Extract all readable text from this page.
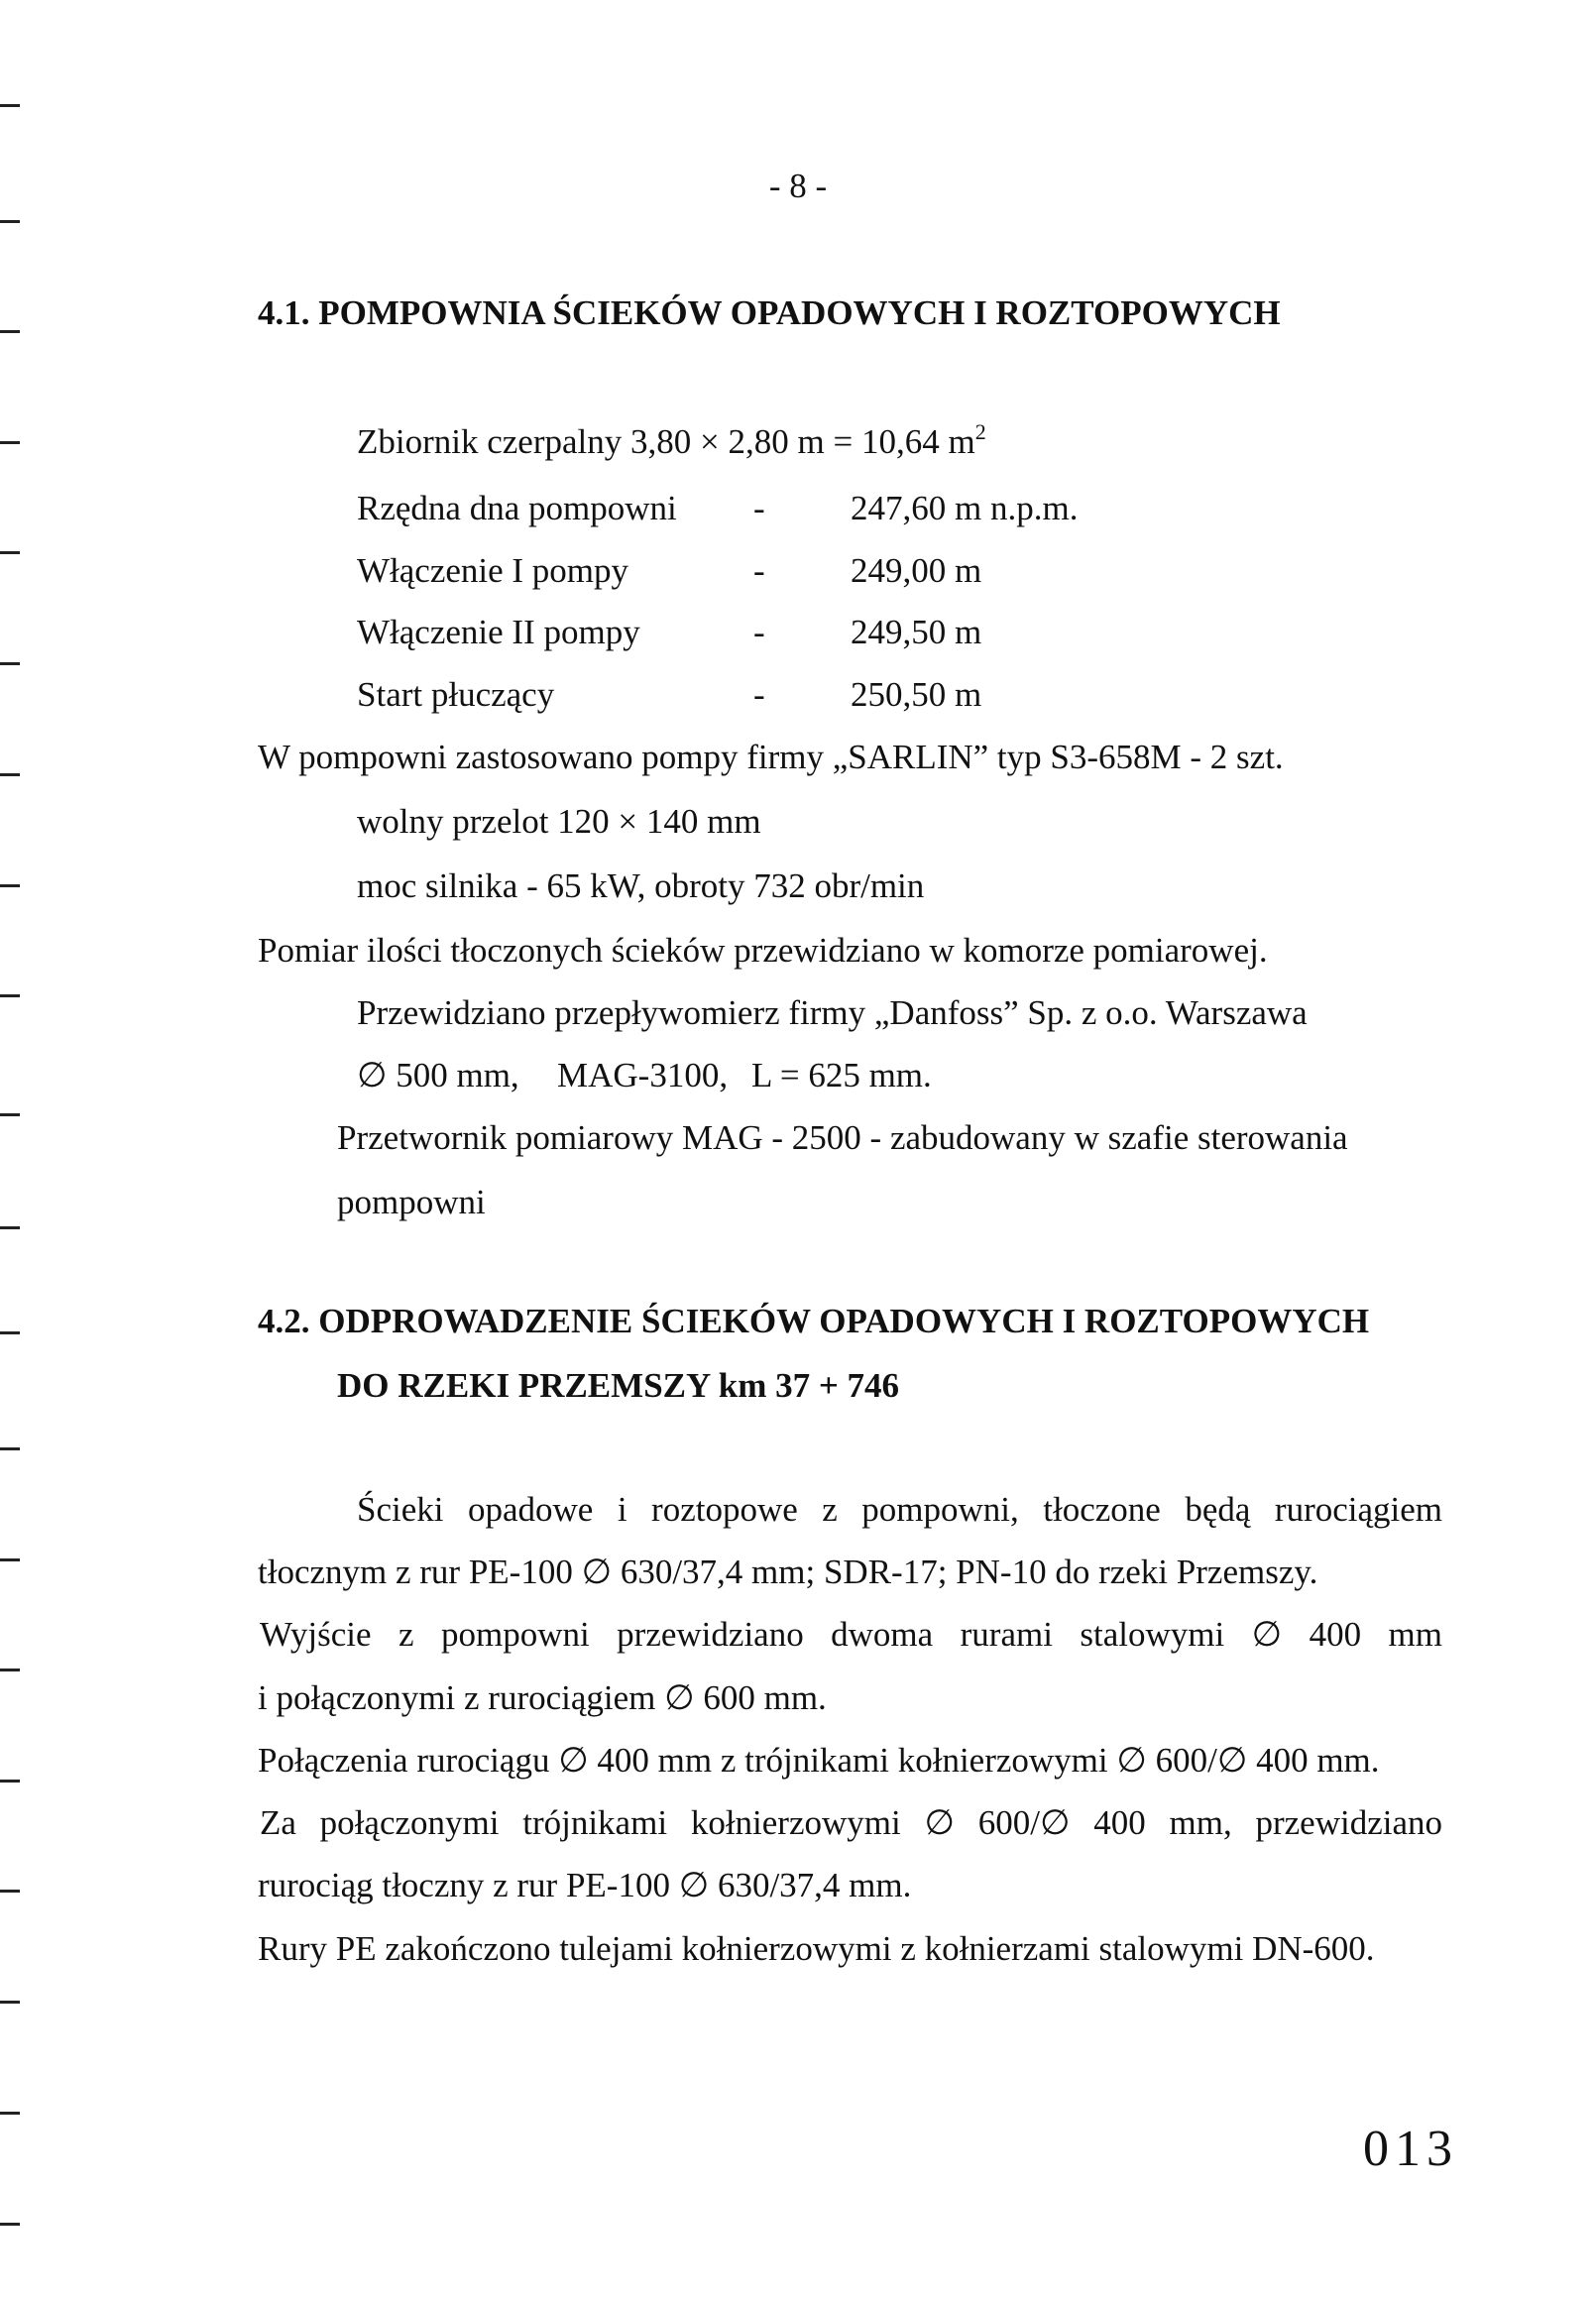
- 8 -
4.1. POMPOWNIA ŚCIEKÓW OPADOWYCH I ROZTOPOWYCH
Zbiornik czerpalny 3,80 × 2,80 m = 10,64 $m^2$
Rzędna dna pompowni - 247,60 m n.p.m.
Włączenie I pompy	- 249,00 m
Włączenie II pompy	- 249,50 m
Start płuczący	- 250,50 m
W pompowni zastosowano pompy firmy „SARLIN” typ S3-658M - 2 szt.
wolny przelot 120 × 140 mm
moc silnika - 65 kW, obroty 732 obr/min
Pomiar ilości tłoczonych ścieków przewidziano w komorze pomiarowej.
Przewidziano przepływomierz firmy „Danfoss” Sp. z o.o. Warszawa
∅ 500 mm, MAG-3100, L = 625 mm.
Przetwornik pomiarowy MAG - 2500 - zabudowany w szafie sterowania
pompowni
4.2. ODPROWADZENIE ŚCIEKÓW OPADOWYCH I ROZTOPOWYCH
DO RZEKI PRZEMSZY km 37 + 746
Ścieki opadowe i roztopowe z pompowni, tłoczone będą rurociągiem
tłocznym z rur PE-100 ∅ 630/37,4 mm; SDR-17; PN-10 do rzeki Przemszy.
Wyjście z pompowni przewidziano dwoma rurami stalowymi ∅ 400 mm
i połączonymi z rurociągiem ∅ 600 mm.
Połączenia rurociągu ∅ 400 mm z trójnikami kołnierzowymi ∅ 600/∅ 400 mm.
Za połączonymi trójnikami kołnierzowymi ∅ 600/∅ 400 mm, przewidziano
rurociąg tłoczny z rur PE-100 ∅ 630/37,4 mm.
Rury PE zakończono tulejami kołnierzowymi z kołnierzami stalowymi DN-600.
013
